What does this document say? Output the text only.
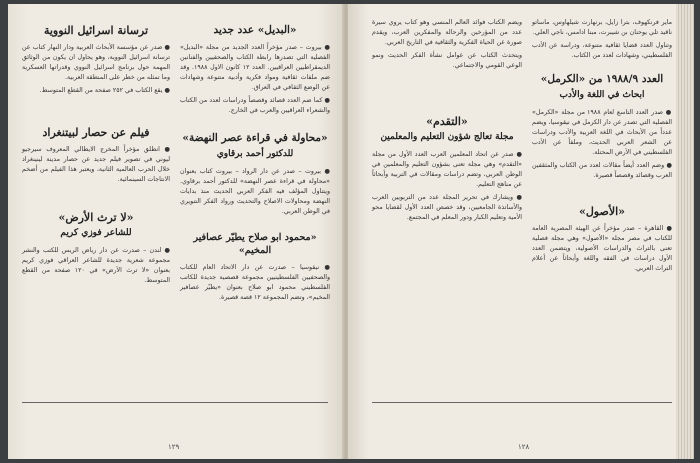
ترسانة اسرائيل النووية

● صدر عن مؤسسة الأبحاث العربية ودار النهار كتاب عن ترسانة اسرائيل النووية، وهو يحاول ان يكون من الوثائق المهمة حول برنامج اسرائيل النووي وقدراتها العسكرية وما تمثله من خطر على المنطقة العربية.

● يقع الكتاب في ٢٥٢ صفحة من القطع المتوسط.

فيلم عن حصار لبيتنغراد

● انطلق مؤخراً المخرج الايطالي المعروف سيرجيو ليوني في تصوير فيلم جديد عن حصار مدينة لينينغراد خلال الحرب العالمية الثانية، ويعتبر هذا الفيلم من أضخم الانتاجات السينمائية.

«لا ترث الأرض»
للشاعر فوزي كريم

● لندن – صدرت عن دار رياض الريس للكتب والنشر مجموعة شعرية جديدة للشاعر العراقي فوزي كريم بعنوان «لا ترث الأرض» في ١٢٠ صفحة من القطع المتوسط.

«البديل» عدد جديد

● بيروت – صدر مؤخراً العدد الجديد من مجلة «البديل» الفصلية التي تصدرها رابطة الكتاب والصحفيين والفنانين الديمقراطيين العراقيين. العدد ١٢ كانون الاول ١٩٨٨. وقد ضم ملفات ثقافية ومواد فكرية وأدبية متنوعة وشهادات عن الوضع الثقافي في العراق.

● كما ضم العدد قصائد وقصصاً ودراسات لعدد من الكتاب والشعراء العراقيين والعرب في الخارج.

«محاولة في قراءة عصر النهضة»
للدكتور أحمد برقاوي

● بيروت – صدر عن دار الرواد – بيروت كتاب بعنوان «محاولة في قراءة عصر النهضة» للدكتور أحمد برقاوي. ويتناول المؤلف فيه الفكر العربي الحديث منذ بدايات النهضة ومحاولات الاصلاح والتحديث ورواد الفكر التنويري في الوطن العربي.

«محمود ابو صلاح يطيّر عصافير المخيم»

● نيقوسيا – صدرت عن دار الاتحاد العام للكتاب والصحفيين الفلسطينيين مجموعة قصصية جديدة للكاتب الفلسطيني محمود ابو صلاح بعنوان «يطيّر عصافير المخيم»، وتضم المجموعة ١٢ قصة قصيرة.

١٢٩

ويضم الكتاب فوائد العالم المنسي وهو كتاب يروي سيرة عدد من المؤرخين والرحالة والمفكرين العرب، ويقدم صورة عن الحياة الفكرية والثقافية في التاريخ العربي.

ويتحدث الكتاب عن عوامل نشأة الفكر الحديث ونمو الوعي القومي والاجتماعي.

«التقدم»
مجلة تعالج شؤون التعليم والمعلمين

● صدر عن اتحاد المعلمين العرب العدد الأول من مجلة «التقدم» وهي مجلة تعنى بشؤون التعليم والمعلمين في الوطن العربي، وتضم دراسات ومقالات في التربية وأبحاثاً عن مناهج التعليم.

● ويشارك في تحرير المجلة عدد من التربويين العرب والأساتذة الجامعيين، وقد خصص العدد الأول لقضايا محو الأمية وتعليم الكبار ودور المعلم في المجتمع.

ماير فرنكهوف، بترا زايل، برنهارت شيلهاوس، ماساتو ناقيد تلي يوحنان بن شيبرت، مبنا ادامس، ناجي العلي.

وتناول العدد قضايا ثقافية متنوعة، ودراسة عن الأدب الفلسطيني، وشهادات لعدد من الكتاب.

العدد ١٩٨٨/٩ من «الكرمل»
ابحاث في اللغة والأدب

● صدر العدد التاسع لعام ١٩٨٨ من مجلة «الكرمل» الفصلية التي تصدر عن دار الكرمل في نيقوسيا، ويضم عدداً من الأبحاث في اللغة العربية والأدب ودراسات عن الشعر العربي الحديث، وملفاً عن الأدب الفلسطيني في الأرض المحتلة.

● وضم العدد أيضاً مقالات لعدد من الكتاب والمثقفين العرب وقصائد وقصصاً قصيرة.

«الأصول»

● القاهرة – صدر مؤخراً عن الهيئة المصرية العامة للكتاب في مصر مجلة «الأصول» وهي مجلة فصلية تعنى بالتراث والدراسات الأصولية، ويتضمن العدد الأول دراسات في الفقه واللغة وأبحاثاً عن أعلام التراث العربي.

١٢٨
